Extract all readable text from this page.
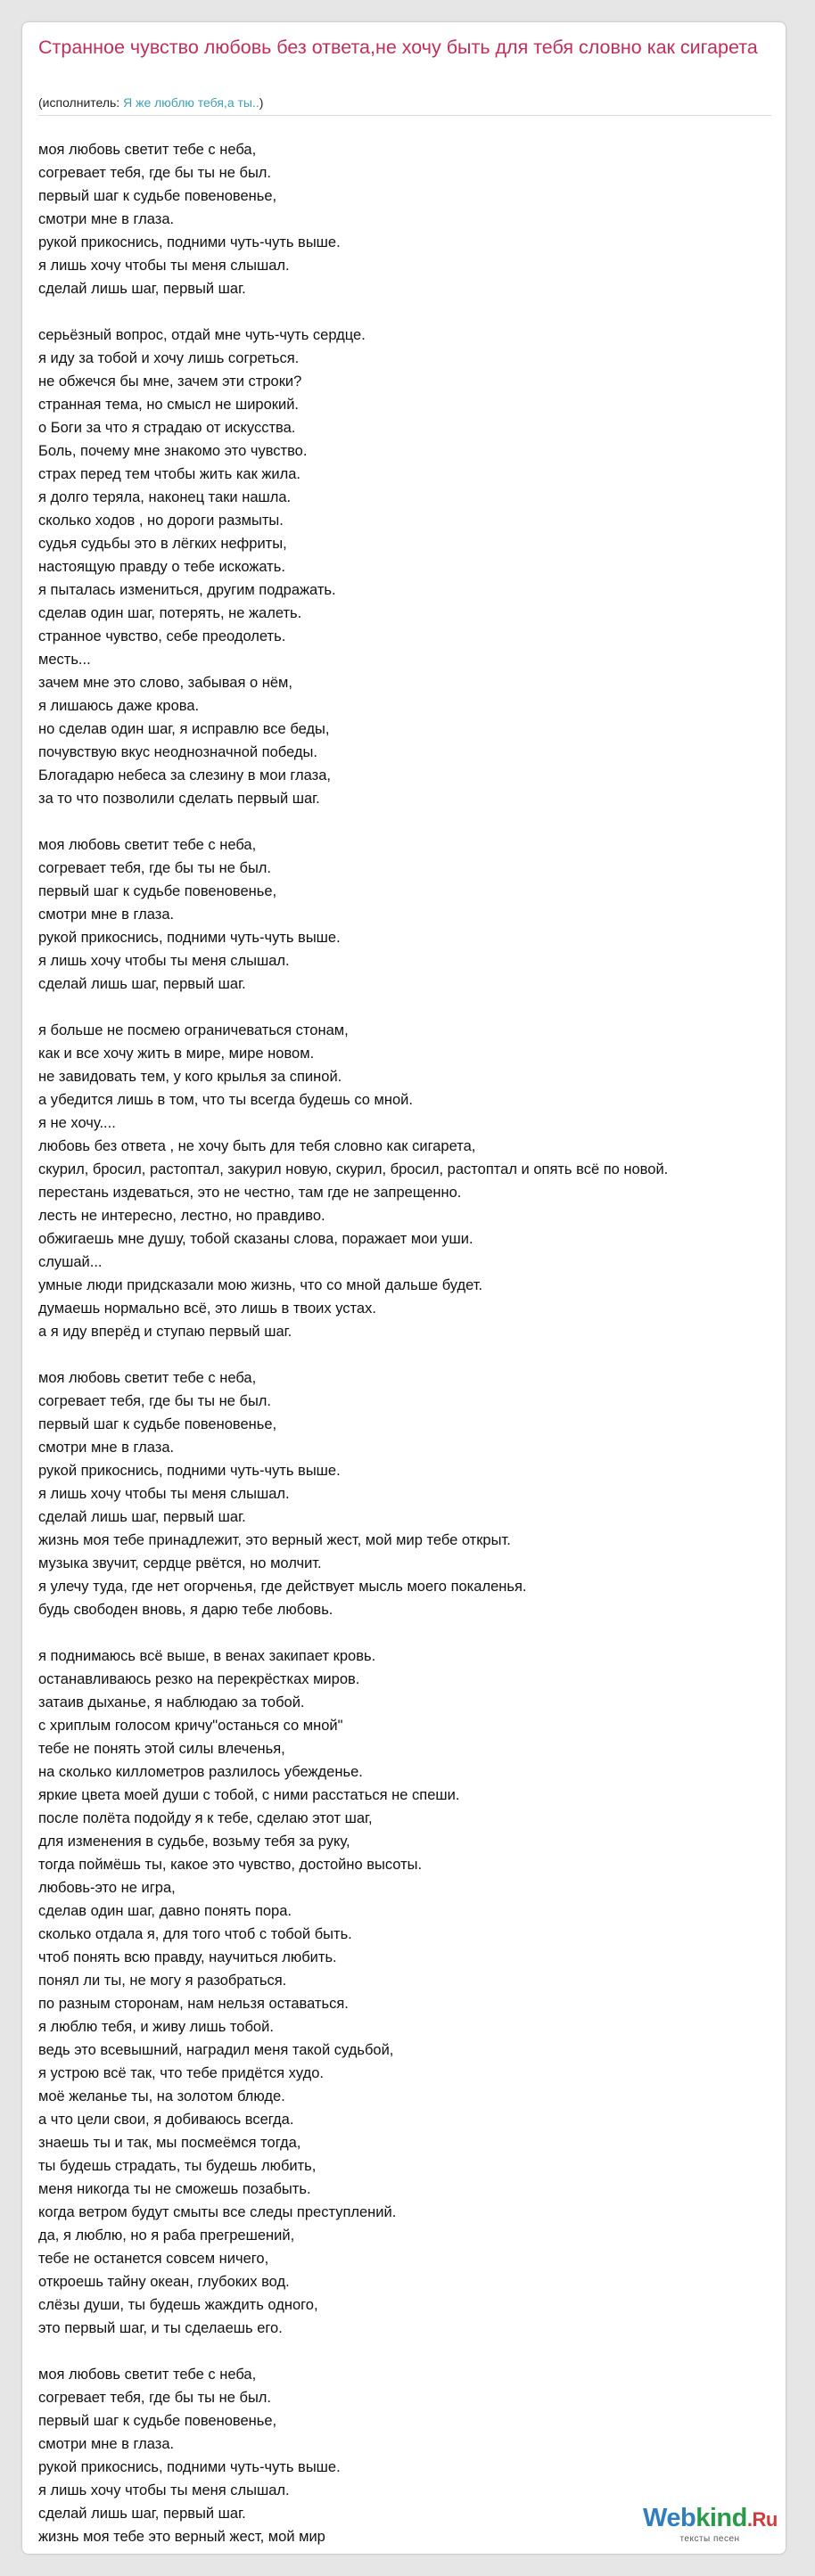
Странное чувство любовь без ответа,не хочу быть для тебя словно как сигарета
(исполнитель: Я же люблю тебя,а ты..)
моя любовь светит тебе с неба,
согревает тебя, где бы ты не был.
первый шаг к судьбе повеновенье,
смотри мне в глаза.
рукой прикоснись, подними чуть-чуть выше.
я лишь хочу чтобы ты меня слышал.
сделай лишь шаг, первый шаг.
серьёзный вопрос, отдай мне чуть-чуть сердце.
я иду за тобой и хочу лишь согреться.
не обжечся бы мне, зачем эти строки?
странная тема, но смысл не широкий.
о Боги за что я страдаю от искусства.
Боль, почему мне знакомо это чувство.
страх перед тем чтобы жить как жила.
я долго теряла, наконец таки нашла.
сколько ходов , но дороги размыты.
судья судьбы это в лёгких нефриты,
настоящую правду о тебе искожать.
я пыталась измениться, другим подражать.
сделав один шаг, потерять, не жалеть.
странное чувство, себе преодолеть.
месть...
зачем мне это слово, забывая о нём,
я лишаюсь даже крова.
но сделав один шаг, я исправлю все беды,
почувствую вкус неоднозначной победы.
Блогадарю небеса за слезину в мои глаза,
за то что позволили сделать первый шаг.
моя любовь светит тебе с неба,
согревает тебя, где бы ты не был.
первый шаг к судьбе повеновенье,
смотри мне в глаза.
рукой прикоснись, подними чуть-чуть выше.
я лишь хочу чтобы ты меня слышал.
сделай лишь шаг, первый шаг.
я больше не посмею ограничеваться стонам,
как и все хочу жить в мире, мире новом.
не завидовать тем, у кого крылья за спиной.
а убедится лишь в том, что ты всегда будешь со мной.
я не хочу....
любовь без ответа , не хочу быть для тебя словно как сигарета,
скурил, бросил, растоптал, закурил новую, скурил, бросил, растоптал и опять всё по новой.
перестань издеваться, это не честно, там где не запрещенно.
лесть не интересно, лестно, но правдиво.
обжигаешь мне душу, тобой сказаны слова, поражает мои уши.
слушай...
умные люди придсказали мою жизнь, что со мной дальше будет.
думаешь нормально всё, это лишь в твоих устах.
а я иду вперёд и ступаю первый шаг.
моя любовь светит тебе с неба,
согревает тебя, где бы ты не был.
первый шаг к судьбе повеновенье,
смотри мне в глаза.
рукой прикоснись, подними чуть-чуть выше.
я лишь хочу чтобы ты меня слышал.
сделай лишь шаг, первый шаг.
жизнь моя тебе принадлежит, это верный жест, мой мир тебе открыт.
музыка звучит, сердце рвётся, но молчит.
я улечу туда, где нет огорченья, где действует мысль моего покаленья.
будь свободен вновь, я дарю тебе любовь.
я поднимаюсь всё выше, в венах закипает кровь.
останавливаюсь резко на перекрёстках миров.
затаив дыханье, я наблюдаю за тобой.
с хриплым голосом кричу"останься со мной"
тебе не понять этой силы влеченья,
на сколько киллометров разлилось убежденье.
яркие цвета моей души с тобой, с ними расстаться не спеши.
после полёта подойду я к тебе, сделаю этот шаг,
для изменения в судьбе, возьму тебя за руку,
тогда поймёшь ты, какое это чувство, достойно высоты.
любовь-это не игра,
сделав один шаг, давно понять пора.
сколько отдала я, для того чтоб с тобой быть.
чтоб понять всю правду, научиться любить.
понял ли ты, не могу я разобраться.
по разным сторонам, нам нельзя оставаться.
я люблю тебя, и живу лишь тобой.
ведь это всевышний, наградил меня такой судьбой,
я устрою всё так, что тебе придётся худо.
моё желанье ты, на золотом блюде.
а что цели свои, я добиваюсь всегда.
знаешь ты и так, мы посмеёмся тогда,
ты будешь страдать, ты будешь любить,
меня никогда ты не сможешь позабыть.
когда ветром будут смыты все следы преступлений.
да, я люблю, но я раба прегрешений,
тебе не останется совсем ничего,
откроешь тайну океан, глубоких вод.
слёзы души, ты будешь жаждить одного,
это первый шаг, и ты сделаешь его.
моя любовь светит тебе с неба,
согревает тебя, где бы ты не был.
первый шаг к судьбе повеновенье,
смотри мне в глаза.
рукой прикоснись, подними чуть-чуть выше.
я лишь хочу чтобы ты меня слышал.
сделай лишь шаг, первый шаг.
жизнь моя тебе это верный жест, мой мир
Webkind.Ru
тексты песен
